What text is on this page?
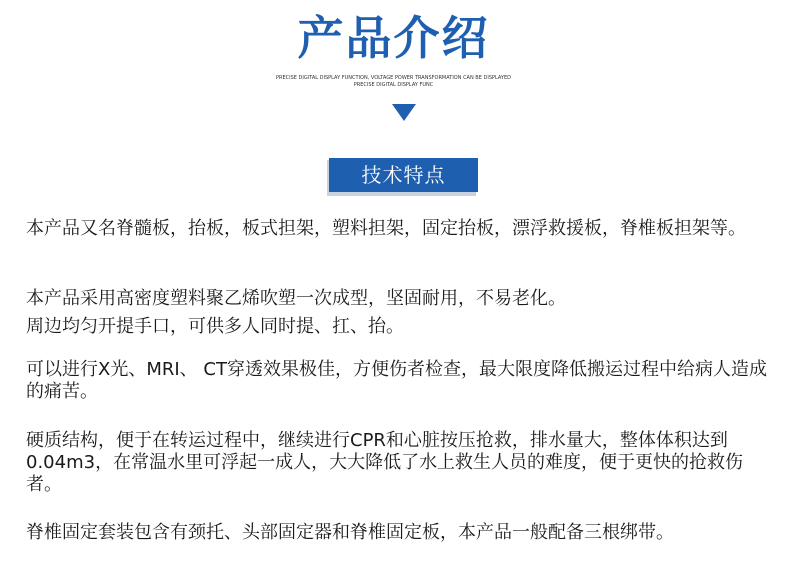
产品介绍
PRECISE DIGITAL DISPLAY FUNCTION, VOLTAGE POWER TRANSFORMATION CAN BE DISPLAYED
PRECISE DIGITAL DISPLAY FUNC
技术特点
本产品又名脊髓板，抬板，板式担架，塑料担架，固定抬板，漂浮救援板，脊椎板担架等。
本产品采用高密度塑料聚乙烯吹塑一次成型，坚固耐用，不易老化。
周边均匀开提手口，可供多人同时提、扛、抬。
可以进行X光、MRI、 CT穿透效果极佳，方便伤者检查，最大限度降低搬运过程中给病人造成的痛苦。
硬质结构，便于在转运过程中，继续进行CPR和心脏按压抢救，排水量大，整体体积达到0.04m3，在常温水里可浮起一成人，大大降低了水上救生人员的难度，便于更快的抢救伤者。
脊椎固定套装包含有颈托、头部固定器和脊椎固定板，本产品一般配备三根绑带。
